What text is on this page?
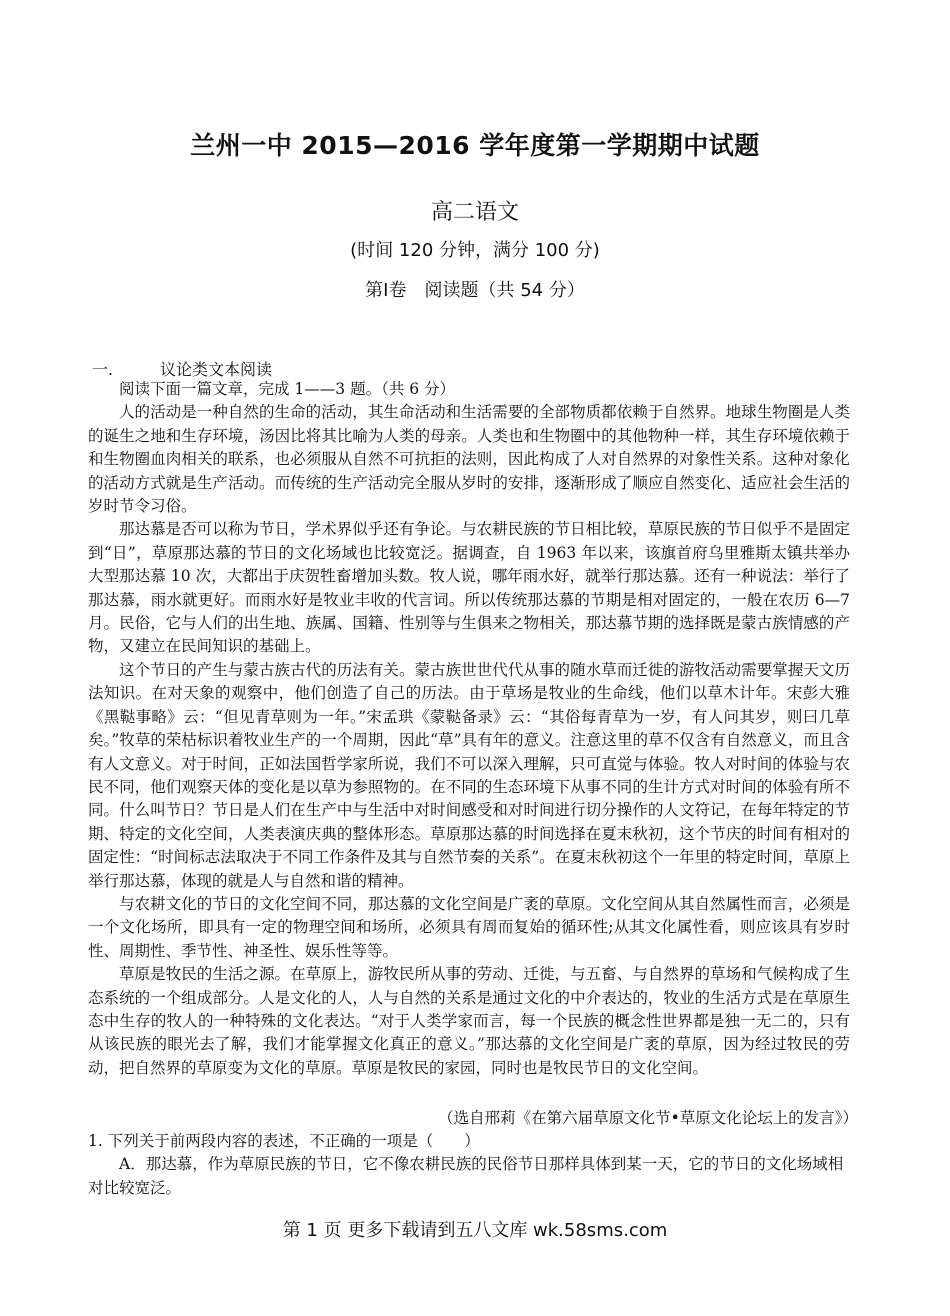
兰州一中 2015—2016 学年度第一学期期中试题
高二语文
(时间 120 分钟，满分 100 分)
第Ⅰ卷　阅读题（共 54 分）
一.	议论类文本阅读

阅读下面一篇文章，完成 1——3 题。（共 6 分）

人的活动是一种自然的生命的活动，其生命活动和生活需要的全部物质都依赖于自然界。地球生物圈是人类的诞生之地和生存环境，汤因比将其比喻为人类的母亲。人类也和生物圈中的其他物种一样，其生存环境依赖于和生物圈血肉相关的联系，也必须服从自然不可抗拒的法则，因此构成了人对自然界的对象性关系。这种对象化的活动方式就是生产活动。而传统的生产活动完全服从岁时的安排，逐渐形成了顺应自然变化、适应社会生活的岁时节令习俗。

那达慕是否可以称为节日，学术界似乎还有争论。与农耕民族的节日相比较，草原民族的节日似乎不是固定到“日”，草原那达慕的节日的文化场域也比较宽泛。据调查，自 1963 年以来，该旗首府乌里雅斯太镇共举办大型那达慕 10 次，大都出于庆贺牲畜增加头数。牧人说，哪年雨水好，就举行那达慕。还有一种说法：举行了那达慕，雨水就更好。而雨水好是牧业丰收的代言词。所以传统那达慕的节期是相对固定的，一般在农历 6—7 月。民俗，它与人们的出生地、族属、国籍、性别等与生俱来之物相关，那达慕节期的选择既是蒙古族情感的产物，又建立在民间知识的基础上。

这个节日的产生与蒙古族古代的历法有关。蒙古族世世代代从事的随水草而迁徙的游牧活动需要掌握天文历法知识。在对天象的观察中，他们创造了自己的历法。由于草场是牧业的生命线，他们以草木计年。宋彭大雅《黑鞑事略》云：“但见青草则为一年。”宋孟珙《蒙鞑备录》云：“其俗每青草为一岁，有人问其岁，则曰几草矣。”牧草的荣枯标识着牧业生产的一个周期，因此“草”具有年的意义。注意这里的草不仅含有自然意义，而且含有人文意义。对于时间，正如法国哲学家所说，我们不可以深入理解，只可直觉与体验。牧人对时间的体验与农民不同，他们观察天体的变化是以草为参照物的。在不同的生态环境下从事不同的生计方式对时间的体验有所不同。什么叫节日？节日是人们在生产中与生活中对时间感受和对时间进行切分操作的人文符记，在每年特定的节期、特定的文化空间，人类表演庆典的整体形态。草原那达慕的时间选择在夏末秋初，这个节庆的时间有相对的固定性：“时间标志法取决于不同工作条件及其与自然节奏的关系”。在夏末秋初这个一年里的特定时间，草原上举行那达慕，体现的就是人与自然和谐的精神。

与农耕文化的节日的文化空间不同，那达慕的文化空间是广袤的草原。文化空间从其自然属性而言，必须是一个文化场所，即具有一定的物理空间和场所，必须具有周而复始的循环性;从其文化属性看，则应该具有岁时性、周期性、季节性、神圣性、娱乐性等等。

草原是牧民的生活之源。在草原上，游牧民所从事的劳动、迁徙，与五畜、与自然界的草场和气候构成了生态系统的一个组成部分。人是文化的人，人与自然的关系是通过文化的中介表达的，牧业的生活方式是在草原生态中生存的牧人的一种特殊的文化表达。“对于人类学家而言，每一个民族的概念性世界都是独一无二的，只有从该民族的眼光去了解，我们才能掌握文化真正的意义。”那达慕的文化空间是广袤的草原，因为经过牧民的劳动，把自然界的草原变为文化的草原。草原是牧民的家园，同时也是牧民节日的文化空间。

（选自邢莉《在第六届草原文化节•草原文化论坛上的发言》）

1. 下列关于前两段内容的表述，不正确的一项是（　　）

A．那达慕，作为草原民族的节日，它不像农耕民族的民俗节日那样具体到某一天，它的节日的文化场域相对比较宽泛。

第 1 页 更多下载请到五八文库 wk.58sms.com
